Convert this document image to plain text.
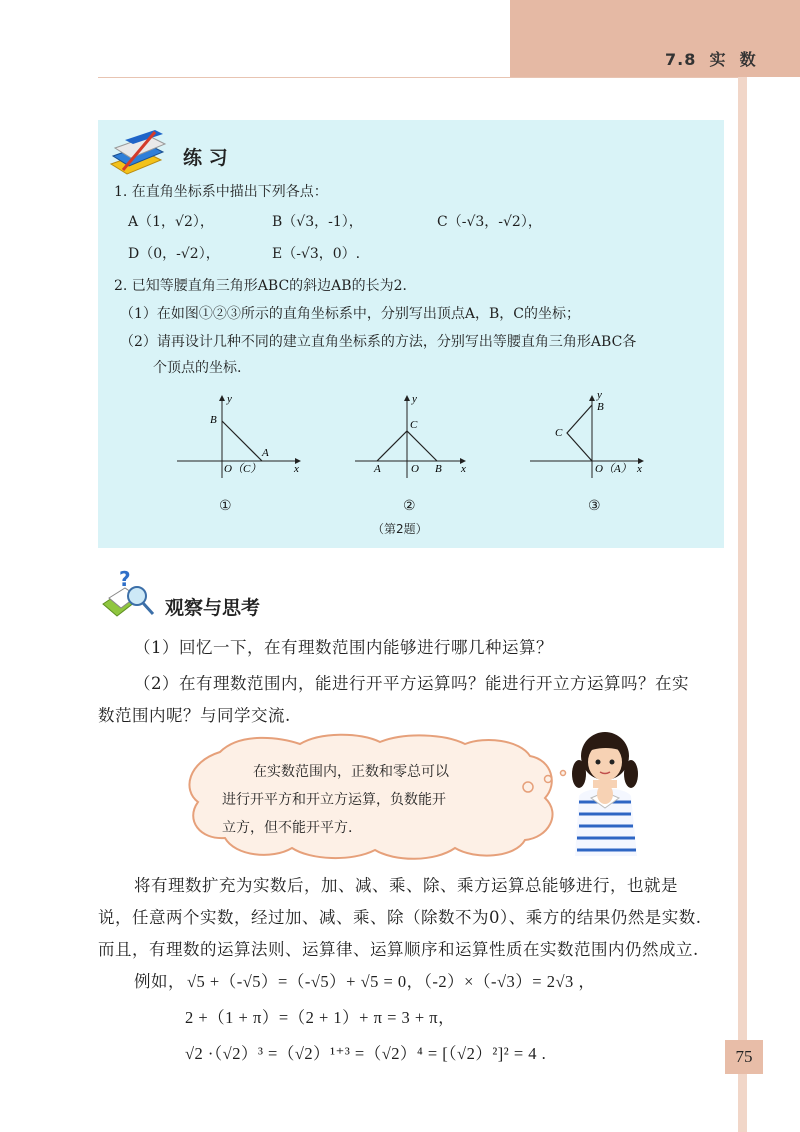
7.8  实  数
练 习
1. 在直角坐标系中描出下列各点：
A（1，√2），	B（√3，-1），	C（-√3，-√2），
D（0，-√2），	E（-√3，0）.
2. 已知等腰直角三角形ABC的斜边AB的长为2．
（1）在如图①②③所示的直角坐标系中，分别写出顶点A，B，C的坐标；
（2）请再设计几种不同的建立直角坐标系的方法，分别写出等腰直角三角形ABC各
个顶点的坐标.
y
x
B
A
O（C）
y
x
C
A	O B
y
B
x
C
O（A）
①	②	③
（第2题）
?
观察与思考
（1）回忆一下，在有理数范围内能够进行哪几种运算？
（2）在有理数范围内，能进行开平方运算吗？能进行开立方运算吗？在实
数范围内呢？与同学交流.
在实数范围内，正数和零总可以
进行开平方和开立方运算，负数能开
立方，但不能开平方.
将有理数扩充为实数后，加、减、乘、除、乘方运算总能够进行，也就是
说，任意两个实数，经过加、减、乘、除（除数不为0）、乘方的结果仍然是实数.
而且，有理数的运算法则、运算律、运算顺序和运算性质在实数范围内仍然成立.
例如， √5 +（-√5）=（-√5）+ √5 = 0，（-2）×（-√3）= 2√3 ，
2 +（1 + π）=（2 + 1）+ π = 3 + π，
√2 ·（√2）³ =（√2）¹⁺³ =（√2）⁴ = [（√2）²]² = 4 .	75
